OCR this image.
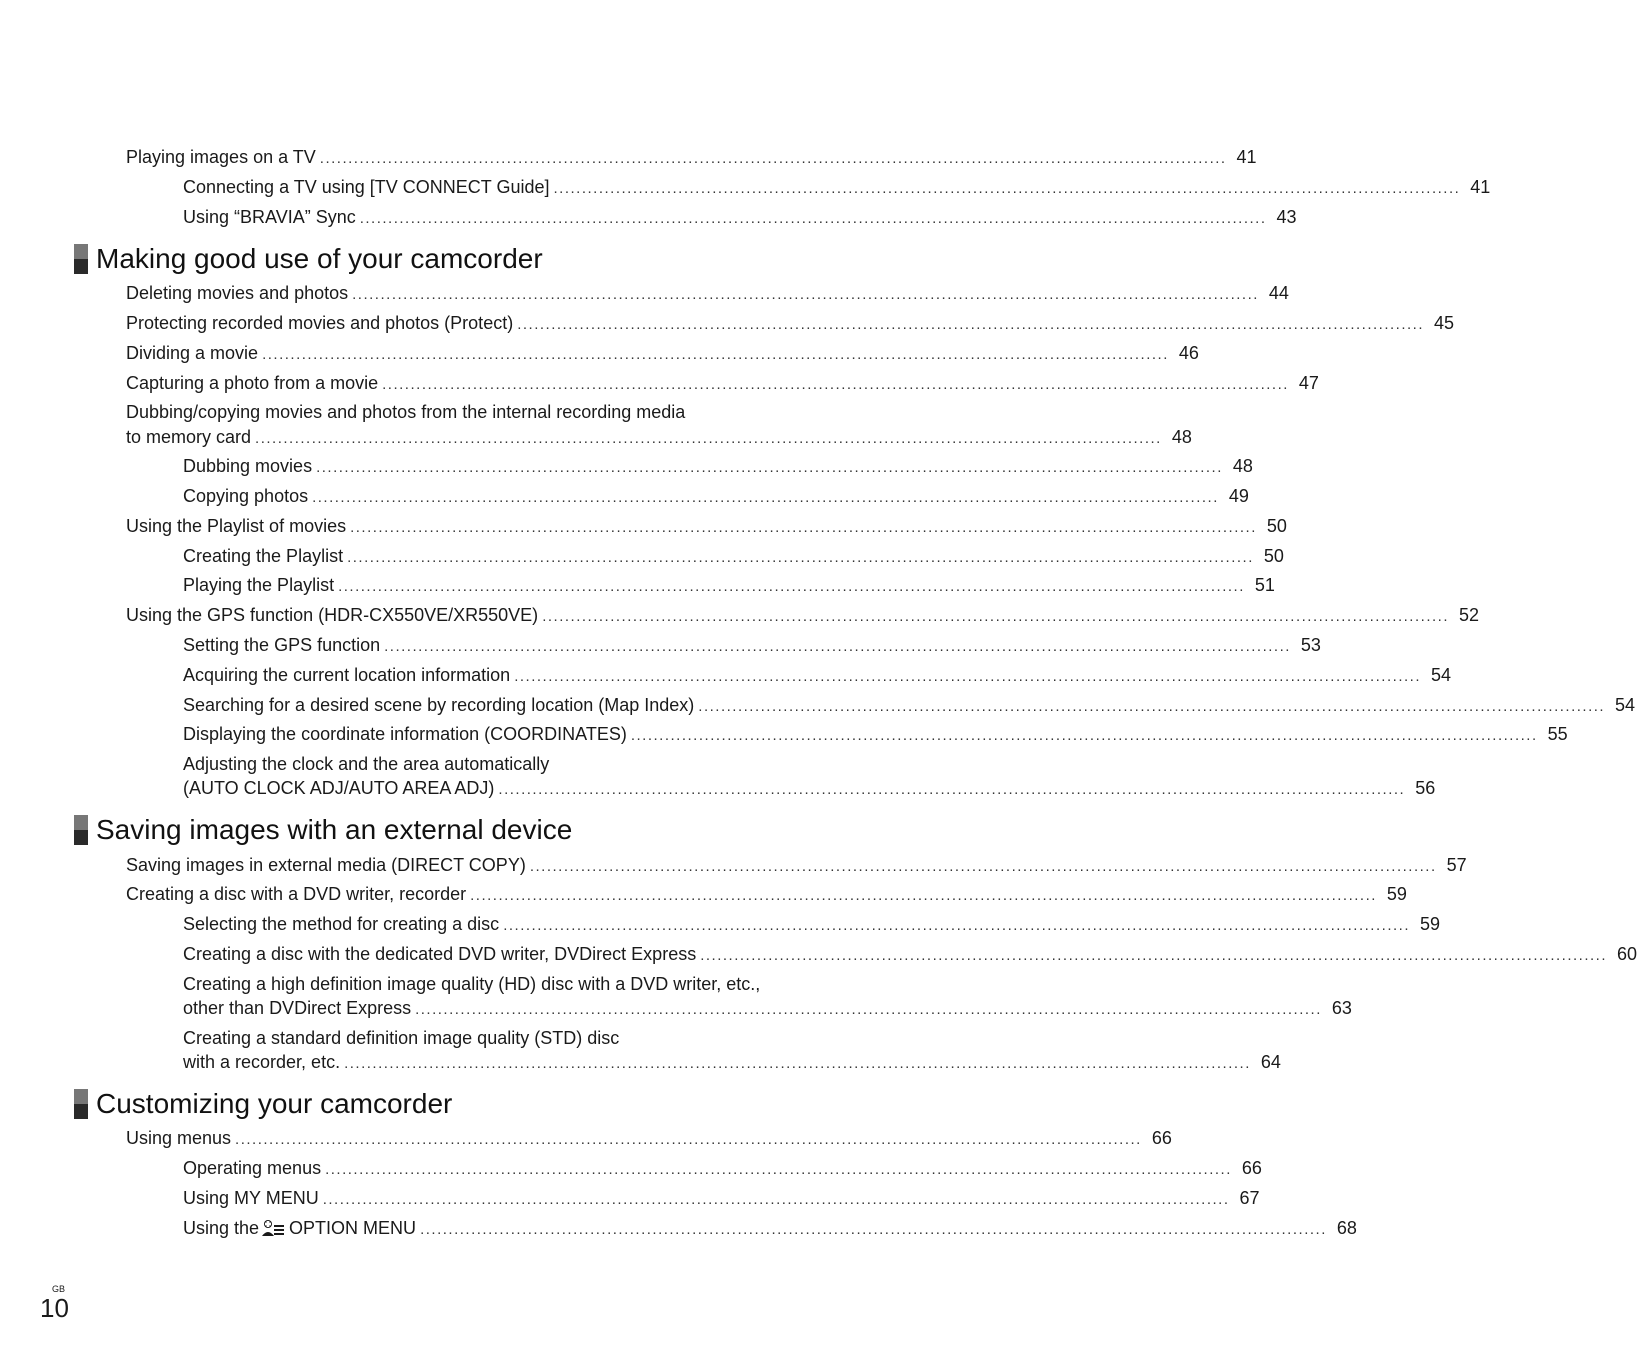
Playing images on a TV ................................................................................................................................................................ 41
Connecting a TV using [TV CONNECT Guide] ................................................................................................................................................................ 41
Using “BRAVIA” Sync ................................................................................................................................................................ 43
Making good use of your camcorder
Deleting movies and photos ................................................................................................................................................................ 44
Protecting recorded movies and photos (Protect) ................................................................................................................................................................ 45
Dividing a movie ................................................................................................................................................................ 46
Capturing a photo from a movie ................................................................................................................................................................ 47
Dubbing/copying movies and photos from the internal recording media
to memory card ................................................................................................................................................................ 48
Dubbing movies ................................................................................................................................................................ 48
Copying photos ................................................................................................................................................................ 49
Using the Playlist of movies ................................................................................................................................................................ 50
Creating the Playlist ................................................................................................................................................................ 50
Playing the Playlist ................................................................................................................................................................ 51
Using the GPS function (HDR-CX550VE/XR550VE) ................................................................................................................................................................ 52
Setting the GPS function ................................................................................................................................................................ 53
Acquiring the current location information ................................................................................................................................................................ 54
Searching for a desired scene by recording location (Map Index) ................................................................................................................................................................ 54
Displaying the coordinate information (COORDINATES) ................................................................................................................................................................ 55
Adjusting the clock and the area automatically
(AUTO CLOCK ADJ/AUTO AREA ADJ) ................................................................................................................................................................ 56
Saving images with an external device
Saving images in external media (DIRECT COPY) ................................................................................................................................................................ 57
Creating a disc with a DVD writer, recorder ................................................................................................................................................................ 59
Selecting the method for creating a disc ................................................................................................................................................................ 59
Creating a disc with the dedicated DVD writer, DVDirect Express ................................................................................................................................................................ 60
Creating a high definition image quality (HD) disc with a DVD writer, etc.,
other than DVDirect Express ................................................................................................................................................................ 63
Creating a standard definition image quality (STD) disc
with a recorder, etc. ................................................................................................................................................................ 64
Customizing your camcorder
Using menus ................................................................................................................................................................ 66
Operating menus ................................................................................................................................................................ 66
Using MY MENU ................................................................................................................................................................ 67
Using the OPTION MENU ................................................................................................................................................................ 68
GB
10
